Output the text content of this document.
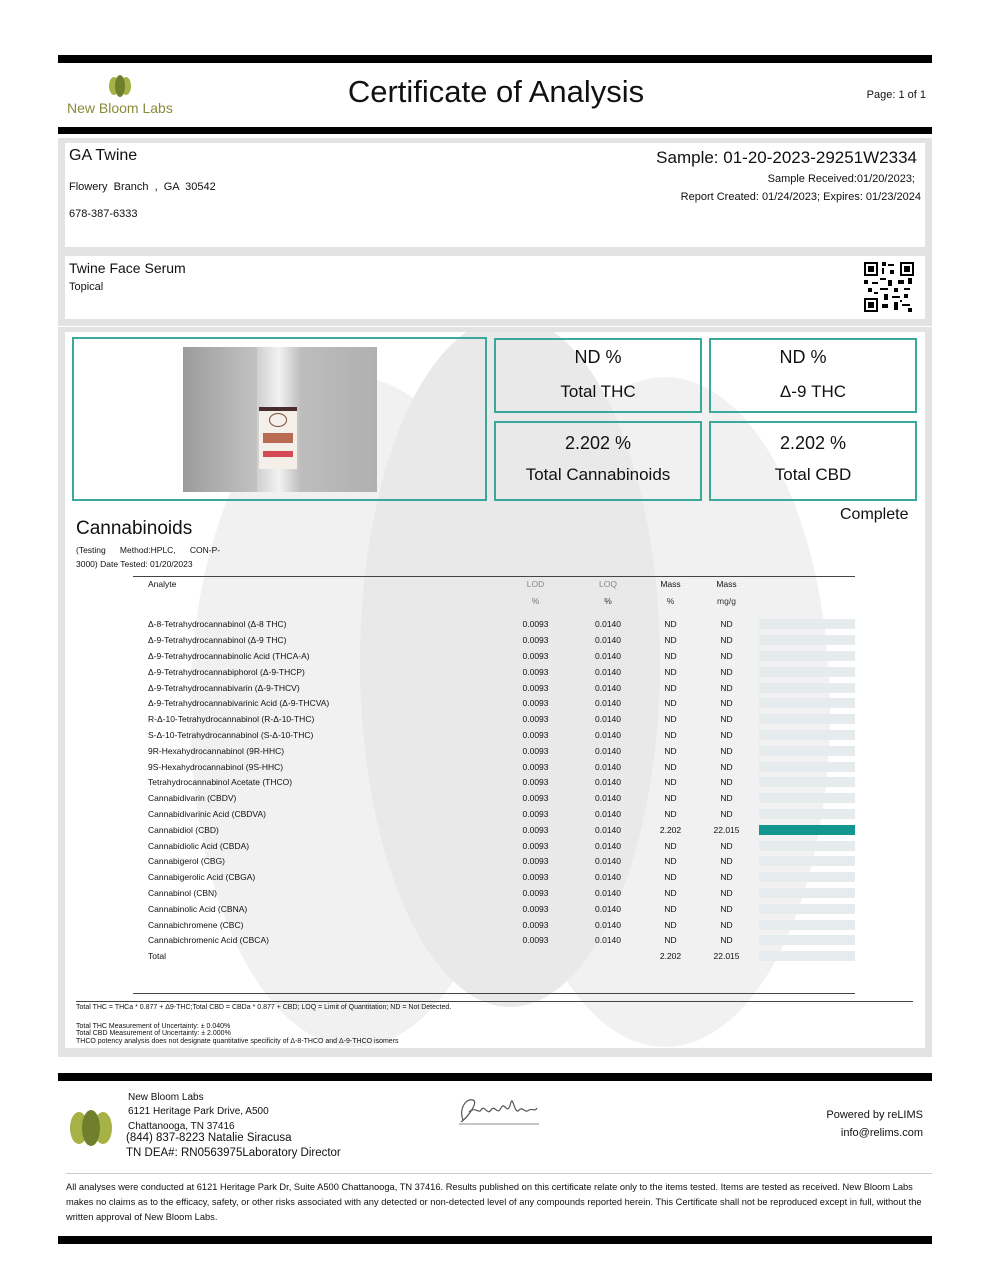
New Bloom Labs	Certificate of Analysis	Page: 1 of 1
GA Twine
Flowery  Branch  ,  GA  30542
678-387-6333
Sample: 01-20-2023-29251W2334
Sample Received:01/20/2023;
Report Created: 01/24/2023; Expires: 01/23/2024
Twine Face Serum
Topical
ND %
Total THC
ND %
Δ-9 THC
2.202 %
Total Cannabinoids
2.202 %
Total CBD
Cannabinoids
Complete
(Testing      Method:HPLC,      CON-P-
3000) Date Tested: 01/20/2023
Analyte	LOD	LOQ	Mass	Mass	
	%	%	%	mg/g	
Δ-8-Tetrahydrocannabinol (Δ-8 THC)	0.0093	0.0140	ND	ND	

Δ-9-Tetrahydrocannabinol (Δ-9 THC)	0.0093	0.0140	ND	ND	

Δ-9-Tetrahydrocannabinolic Acid (THCA-A)	0.0093	0.0140	ND	ND	

Δ-9-Tetrahydrocannabiphorol (Δ-9-THCP)	0.0093	0.0140	ND	ND	

Δ-9-Tetrahydrocannabivarin (Δ-9-THCV)	0.0093	0.0140	ND	ND	

Δ-9-Tetrahydrocannabivarinic Acid (Δ-9-THCVA)	0.0093	0.0140	ND	ND	

R-Δ-10-Tetrahydrocannabinol (R-Δ-10-THC)	0.0093	0.0140	ND	ND	

S-Δ-10-Tetrahydrocannabinol (S-Δ-10-THC)	0.0093	0.0140	ND	ND	

9R-Hexahydrocannabinol (9R-HHC)	0.0093	0.0140	ND	ND	

9S-Hexahydrocannabinol (9S-HHC)	0.0093	0.0140	ND	ND	

Tetrahydrocannabinol Acetate (THCO)	0.0093	0.0140	ND	ND	

Cannabidivarin (CBDV)	0.0093	0.0140	ND	ND	

Cannabidivarinic Acid (CBDVA)	0.0093	0.0140	ND	ND	

Cannabidiol (CBD)	0.0093	0.0140	2.202	22.015	

Cannabidiolic Acid (CBDA)	0.0093	0.0140	ND	ND	

Cannabigerol (CBG)	0.0093	0.0140	ND	ND	

Cannabigerolic Acid (CBGA)	0.0093	0.0140	ND	ND	

Cannabinol (CBN)	0.0093	0.0140	ND	ND	

Cannabinolic Acid (CBNA)	0.0093	0.0140	ND	ND	

Cannabichromene (CBC)	0.0093	0.0140	ND	ND	

Cannabichromenic Acid (CBCA)	0.0093	0.0140	ND	ND	

Total			2.202	22.015	
Total THC = THCa * 0.877 + Δ9-THC;Total CBD = CBDa * 0.877 + CBD; LOQ = Limit of Quantitation; ND = Not Detected.
Total THC Measurement of Uncertainty: ± 0.040%
Total CBD Measurement of Uncertainty: ± 2.000%
THCO potency analysis does not designate quantitative specificity of Δ-8-THCO and Δ-9-THCO isomers
New Bloom Labs
6121 Heritage Park Drive, A500
Chattanooga, TN 37416
(844) 837-8223 Natalie Siracusa
TN DEA#: RN0563975Laboratory Director
Powered by reLIMS
info@relims.com
All analyses were conducted at 6121 Heritage Park Dr, Suite A500 Chattanooga, TN 37416. Results published on this certificate relate only to the items tested. Items are tested as received. New Bloom Labs makes no claims as to the efficacy, safety, or other risks associated with any detected or non-detected level of any compounds reported herein. This Certificate shall not be reproduced except in full, without the written approval of New Bloom Labs.
